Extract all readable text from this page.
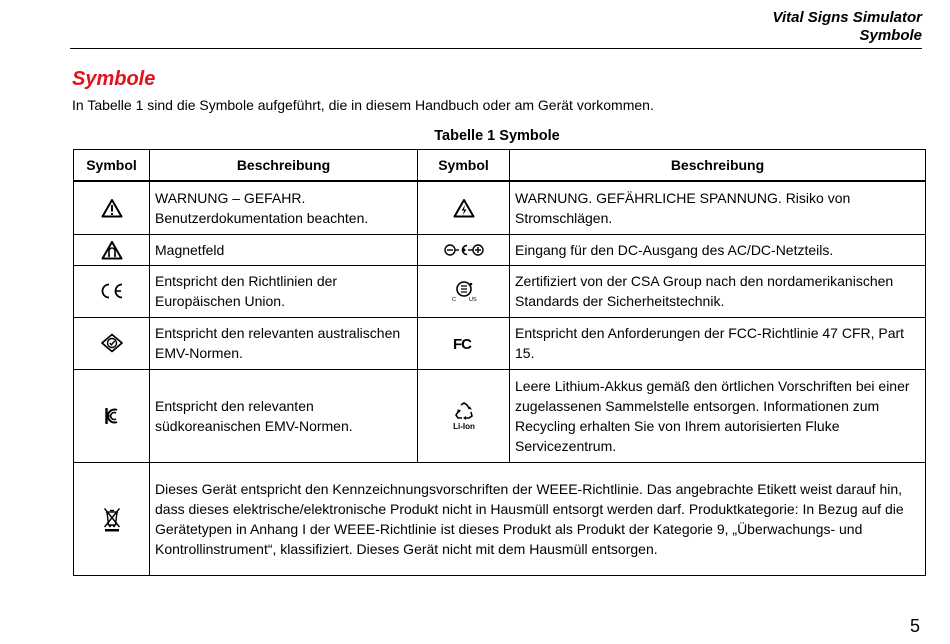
Vital Signs Simulator
Symbole
Symbole
In Tabelle 1 sind die Symbole aufgeführt, die in diesem Handbuch oder am Gerät vorkommen.
Tabelle 1 Symbole
Symbol	Beschreibung	Symbol	Beschreibung

	WARNUNG – GEFAHR. Benutzerdokumentation beachten.		WARNUNG. GEFÄHRLICHE SPANNUNG. Risiko von Stromschlägen.

	Magnetfeld		Eingang für den DC-Ausgang des AC/DC-Netzteils.

	Entspricht den Richtlinien der Europäischen Union.	C US	Zertifiziert von der CSA Group nach den nordamerikanischen Standards der Sicherheitstechnik.

	Entspricht den relevanten australischen EMV-Normen.	FC	Entspricht den Anforderungen der FCC-Richtlinie 47 CFR, Part 15.

	Entspricht den relevanten südkoreanischen EMV-Normen.	Li-Ion	Leere Lithium-Akkus gemäß den örtlichen Vorschriften bei einer zugelassenen Sammelstelle entsorgen. Informationen zum Recycling erhalten Sie von Ihrem autorisierten Fluke Servicezentrum.

	Dieses Gerät entspricht den Kennzeichnungsvorschriften der WEEE-Richtlinie. Das angebrachte Etikett weist darauf hin, dass dieses elektrische/elektronische Produkt nicht in Hausmüll entsorgt werden darf. Produktkategorie: In Bezug auf die Gerätetypen in Anhang I der WEEE-Richtlinie ist dieses Produkt als Produkt der Kategorie 9, „Überwachungs- und Kontrollinstrument“, klassifiziert. Dieses Gerät nicht mit dem Hausmüll entsorgen.		
5
